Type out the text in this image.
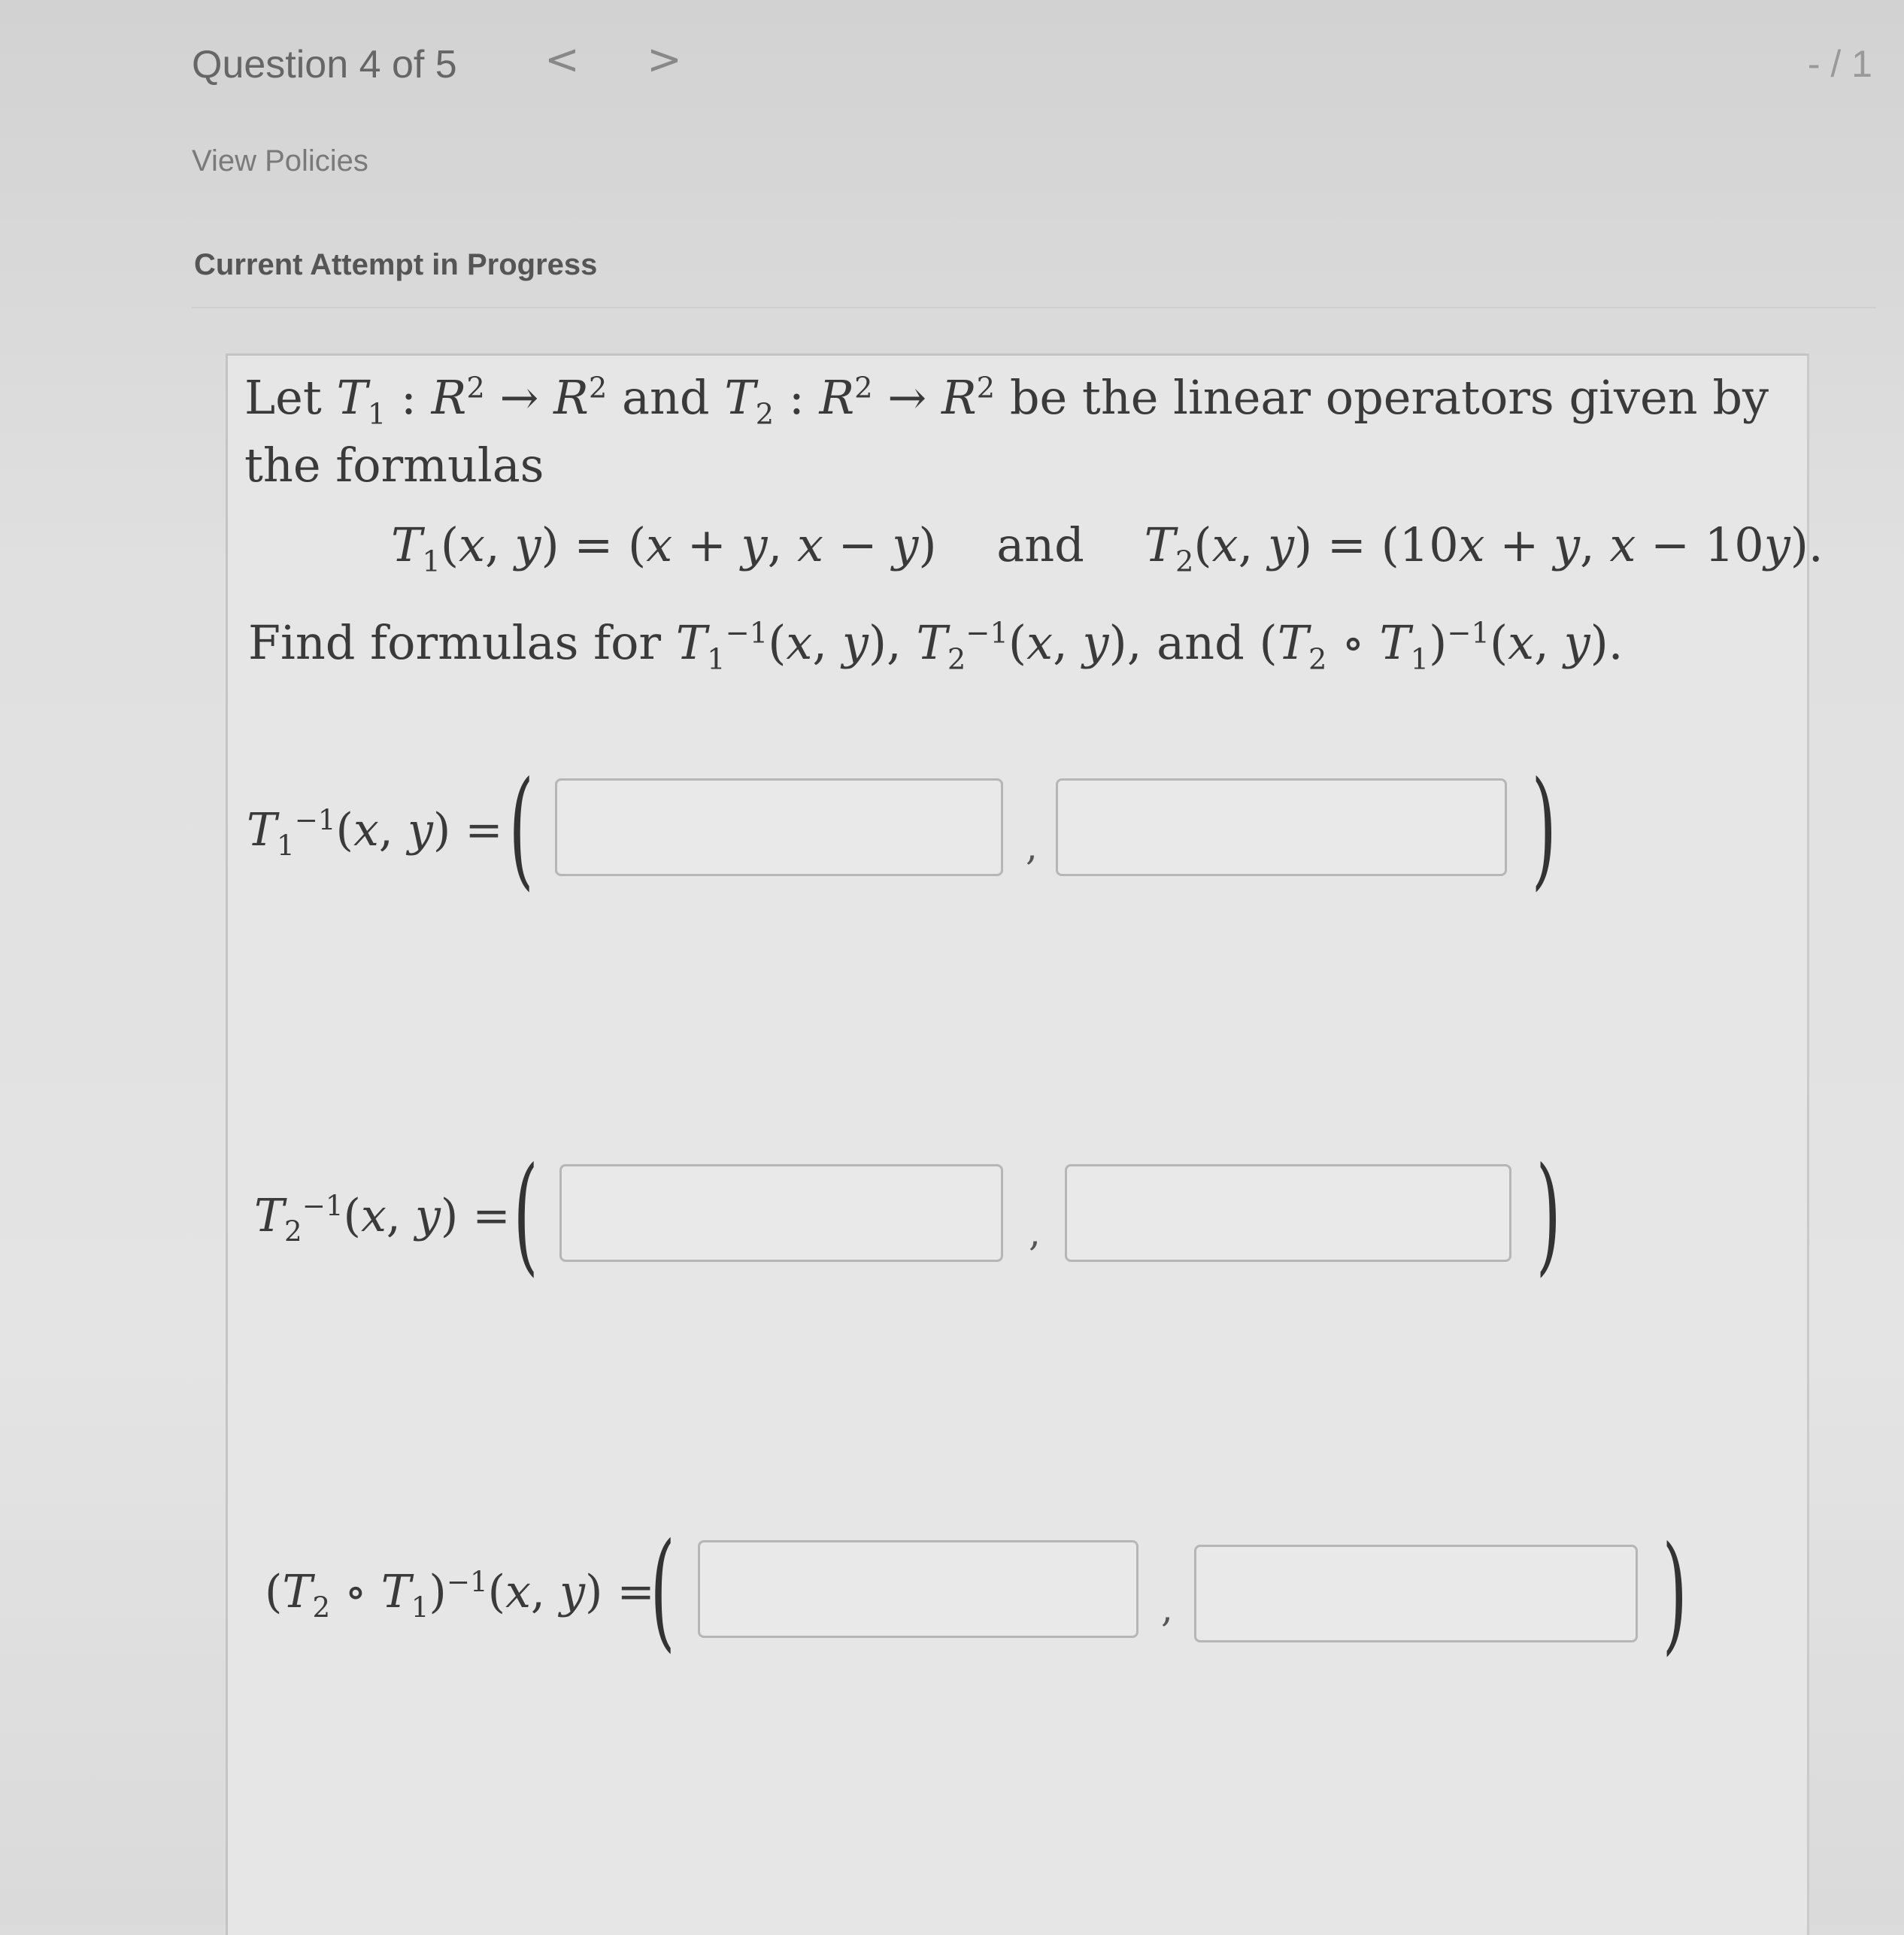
Question 4 of 5 < >	- / 1
View Policies
Current Attempt in Progress
Let $T_1$ : $R^2 \to R^2$ and $T_2$ : $R^2 \to R^2$ be the linear operators given by
the formulas
$T_1(x$, y) = (x + y, x − y) and $T_2(x$, y) = (10x + y, x − 10y).
Find formulas for $T_1^{-1}(x$, y), $T_2^{-1}(x$, y), and ($T_2$ ∘ $T_1)^{-1}(x$, y).
$T_1^{-1}(x$, y) = (	,	)
$T_2^{-1}(x$, y) = (	,	)
($T_2$ ∘ $T_1)^{-1}(x$, y) =
(	,	)
